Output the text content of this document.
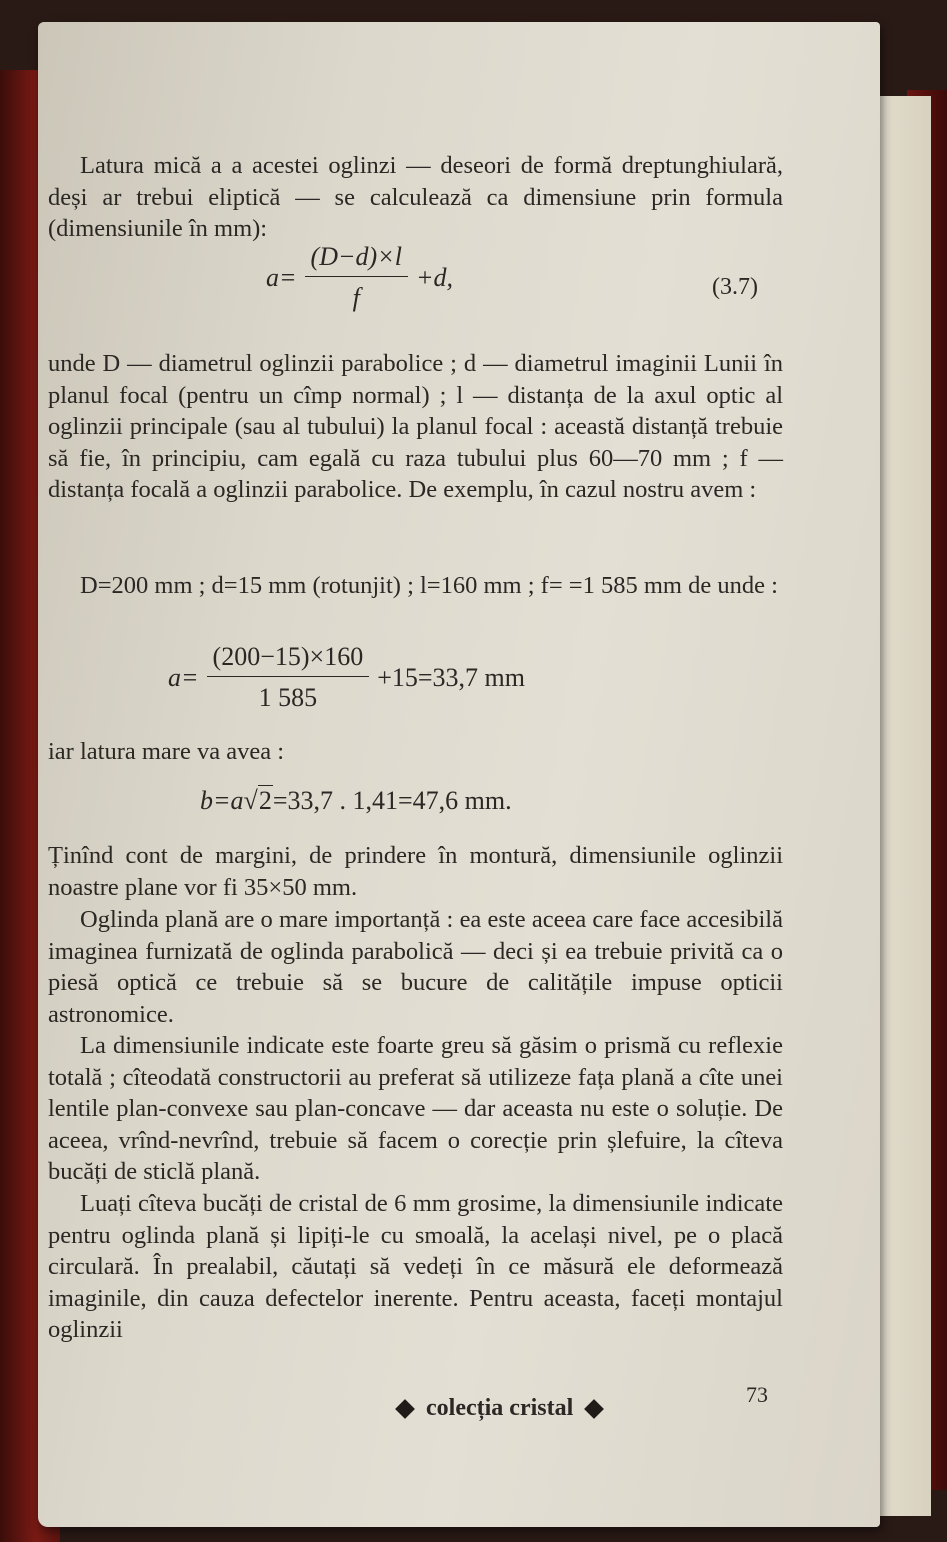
Latura mică a a acestei oglinzi — deseori de formă dreptunghiulară, deși ar trebui eliptică — se calculează ca dimensiune prin formula (dimensiunile în mm):

$a= \frac{(D-d)\times l}{f} +d$,	(3.7)

unde D — diametrul oglinzii parabolice ; d — diametrul imaginii Lunii în planul focal (pentru un cîmp normal) ; l — distanța de la axul optic al oglinzii principale (sau al tubului) la planul focal : această distanță trebuie să fie, în principiu, cam egală cu raza tubului plus 60—70 mm ; f — distanța focală a oglinzii parabolice. De exemplu, în cazul nostru avem :

D=200 mm ; d=15 mm (rotunjit) ; l=160 mm ; f= =1 585 mm de unde :

$a= \frac{(200-15)\times 160}{1 585} +15=33,7$ mm

iar latura mare va avea :

b=a√2=33,7 . 1,41=47,6 mm.

Ținînd cont de margini, de prindere în montură, dimensiunile oglinzii noastre plane vor fi 35×50 mm.

Oglinda plană are o mare importanță : ea este aceea care face accesibilă imaginea furnizată de oglinda parabolică — deci și ea trebuie privită ca o piesă optică ce trebuie să se bucure de calitățile impuse opticii astronomice.

La dimensiunile indicate este foarte greu să găsim o prismă cu reflexie totală ; cîteodată constructorii au preferat să utilizeze fața plană a cîte unei lentile plan-convexe sau plan-concave — dar aceasta nu este o soluție. De aceea, vrînd-nevrînd, trebuie să facem o corecție prin șlefuire, la cîteva bucăți de sticlă plană.

Luați cîteva bucăți de cristal de 6 mm grosime, la dimensiunile indicate pentru oglinda plană și lipiți-le cu smoală, la același nivel, pe o placă circulară. În prealabil, căutați să vedeți în ce măsură ele deformează imaginile, din cauza defectelor inerente. Pentru aceasta, faceți montajul oglinzii

73
colecția cristal
